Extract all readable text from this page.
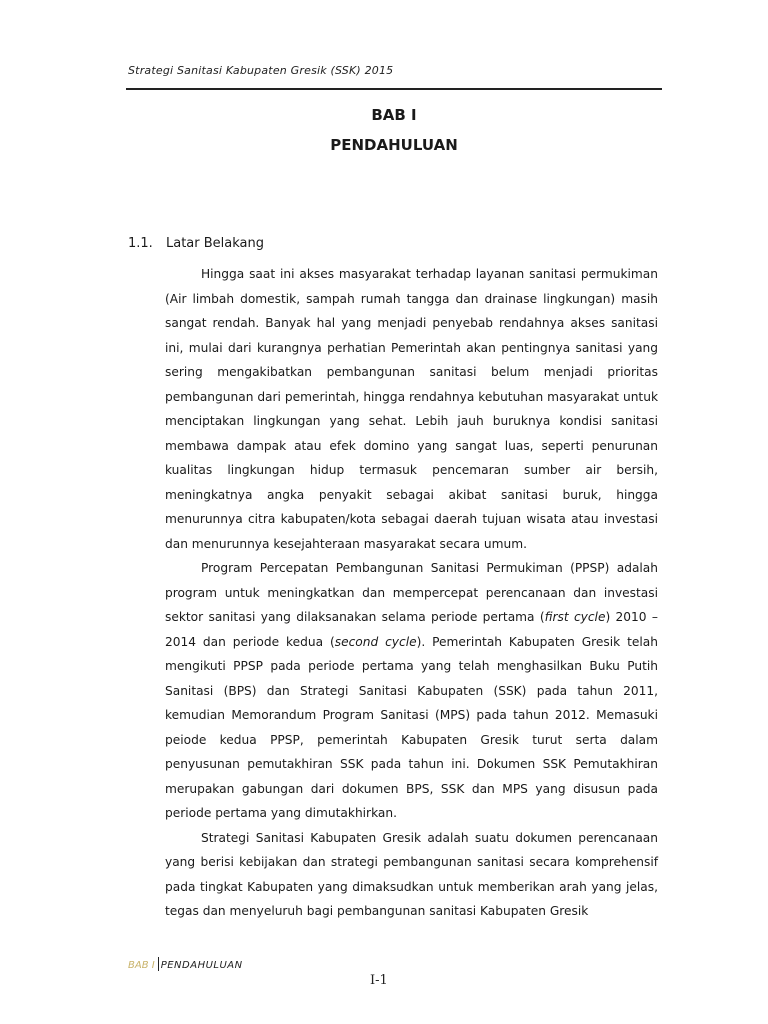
Strategi Sanitasi Kabupaten Gresik (SSK) 2015
BAB I
PENDAHULUAN
1.1. Latar Belakang

Hingga saat ini akses masyarakat terhadap layanan sanitasi permukiman (Air limbah domestik, sampah rumah tangga dan drainase lingkungan) masih sangat rendah. Banyak hal yang menjadi penyebab rendahnya akses sanitasi ini, mulai dari kurangnya perhatian Pemerintah akan pentingnya sanitasi yang sering mengakibatkan pembangunan sanitasi belum menjadi prioritas pembangunan dari pemerintah, hingga rendahnya kebutuhan masyarakat untuk menciptakan lingkungan yang sehat. Lebih jauh buruknya kondisi sanitasi membawa dampak atau efek domino yang sangat luas, seperti penurunan kualitas lingkungan hidup termasuk pencemaran sumber air bersih, meningkatnya angka penyakit sebagai akibat sanitasi buruk, hingga menurunnya citra kabupaten/kota sebagai daerah tujuan wisata atau investasi dan menurunnya kesejahteraan masyarakat secara umum.

Program Percepatan Pembangunan Sanitasi Permukiman (PPSP) adalah program untuk meningkatkan dan mempercepat perencanaan dan investasi sektor sanitasi yang dilaksanakan selama periode pertama (first cycle) 2010 – 2014 dan periode kedua (second cycle). Pemerintah Kabupaten Gresik telah mengikuti PPSP pada periode pertama yang telah menghasilkan Buku Putih Sanitasi (BPS) dan Strategi Sanitasi Kabupaten (SSK) pada tahun 2011, kemudian Memorandum Program Sanitasi (MPS) pada tahun 2012. Memasuki peiode kedua PPSP, pemerintah Kabupaten Gresik turut serta dalam penyusunan pemutakhiran SSK pada tahun ini. Dokumen SSK Pemutakhiran merupakan gabungan dari dokumen BPS, SSK dan MPS yang disusun pada periode pertama yang dimutakhirkan.

Strategi Sanitasi Kabupaten Gresik adalah suatu dokumen perencanaan yang berisi kebijakan dan strategi pembangunan sanitasi secara komprehensif pada tingkat Kabupaten yang dimaksudkan untuk memberikan arah yang jelas, tegas dan menyeluruh bagi pembangunan sanitasi Kabupaten Gresik

BAB I PENDAHULUAN
I-1
